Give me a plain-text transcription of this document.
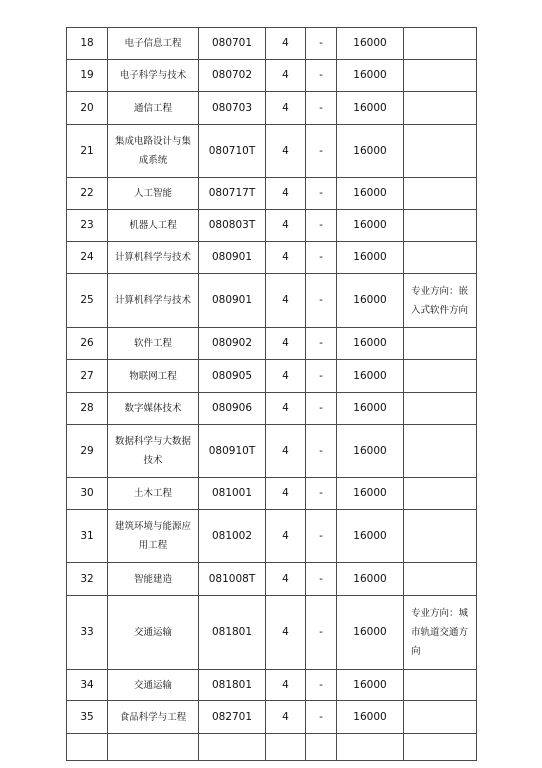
18	电子信息工程	080701	4	-	16000	
19	电子科学与技术	080702	4	-	16000	
20	通信工程	080703	4	-	16000	
21	集成电路设计与集成系统	080710T	4	-	16000	
22	人工智能	080717T	4	-	16000	
23	机器人工程	080803T	4	-	16000	
24	计算机科学与技术	080901	4	-	16000	
25	计算机科学与技术	080901	4	-	16000	专业方向：嵌入式软件方向
26	软件工程	080902	4	-	16000	
27	物联网工程	080905	4	-	16000	
28	数字媒体技术	080906	4	-	16000	
29	数据科学与大数据技术	080910T	4	-	16000	
30	土木工程	081001	4	-	16000	
31	建筑环境与能源应用工程	081002	4	-	16000	
32	智能建造	081008T	4	-	16000	
33	交通运输	081801	4	-	16000	专业方向：城市轨道交通方向
34	交通运输	081801	4	-	16000	
35	食品科学与工程	082701	4	-	16000	
